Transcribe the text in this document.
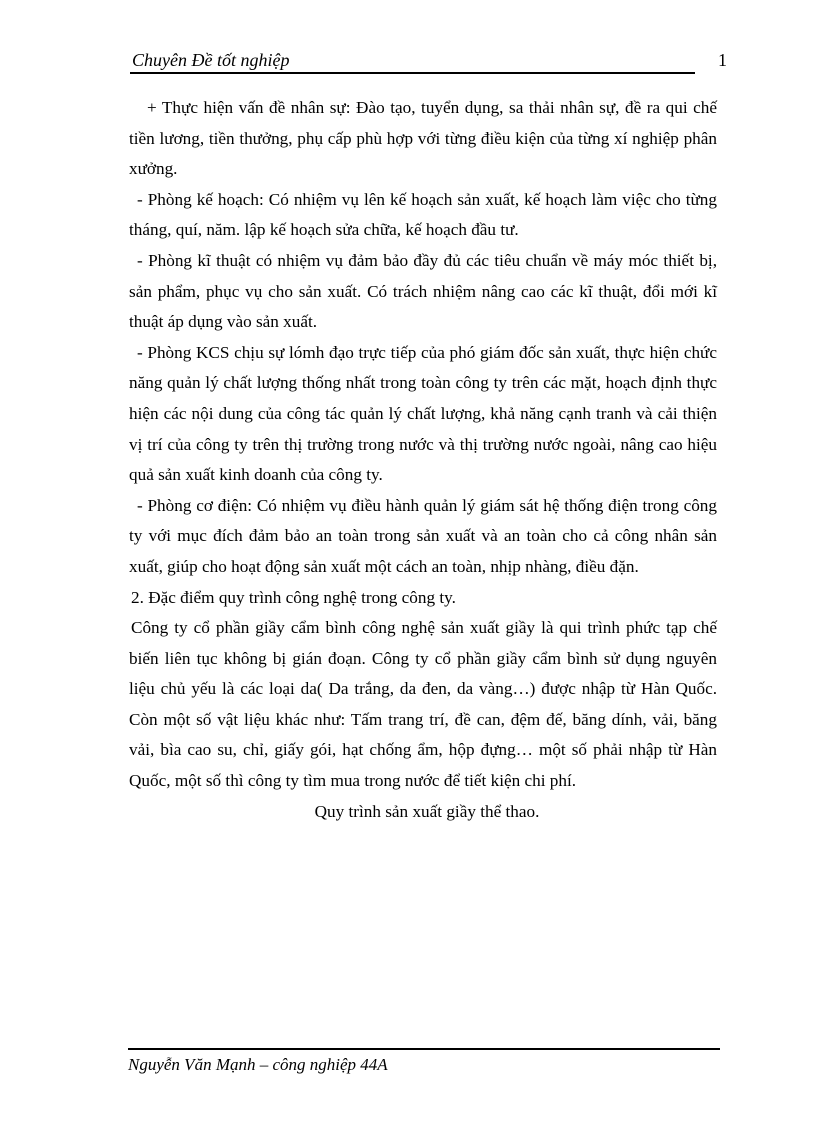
Chuyên Đề tốt nghiệp	1

+ Thực hiện vấn đề nhân sự: Đào tạo, tuyển dụng, sa thải nhân sự, đề ra qui chế tiền lương, tiền thưởng, phụ cấp phù hợp với từng điều kiện của từng xí nghiệp phân xưởng.

- Phòng kế hoạch: Có nhiệm vụ lên kế hoạch sản xuất, kế hoạch làm việc cho từng tháng, quí, năm. lập kế hoạch sửa chữa, kế hoạch đầu tư.

- Phòng kĩ thuật có nhiệm vụ đảm bảo đầy đủ các tiêu chuẩn về máy móc thiết bị, sản phẩm, phục vụ cho sản xuất. Có trách nhiệm nâng cao các kĩ thuật, đổi mới kĩ thuật áp dụng vào sản xuất.

- Phòng KCS chịu sự lómh đạo trực tiếp của phó giám đốc sản xuất, thực hiện chức năng quản lý chất lượng thống nhất trong toàn công ty trên các mặt, hoạch định thực hiện các nội dung của công tác quản lý chất lượng, khả năng cạnh tranh và cải thiện vị trí của công ty trên thị trường trong nước và thị trường nước ngoài, nâng cao hiệu quả sản xuất kinh doanh của công ty.

- Phòng cơ điện: Có nhiệm vụ điều hành quản lý giám sát hệ thống điện trong công ty với mục đích đảm bảo an toàn trong sản xuất và an toàn cho cả công nhân sản xuất, giúp cho hoạt động sản xuất một cách an toàn, nhịp nhàng, điều đặn.

2. Đặc điểm quy trình công nghệ trong công ty.

Công ty cổ phần giầy cẩm bình công nghệ sản xuất giầy là qui trình phức tạp chế biến liên tục không bị gián đoạn. Công ty cổ phần giầy cẩm bình sử dụng nguyên liệu chủ yếu là các loại da( Da trắng, da đen, da vàng…) được nhập từ Hàn Quốc. Còn một số vật liệu khác như: Tấm trang trí, đề can, đệm đế, băng dính, vải, băng vải, bìa cao su, chỉ, giấy gói, hạt chống ẩm, hộp đựng… một số phải nhập từ Hàn Quốc, một số thì công ty tìm mua trong nước để tiết kiện chi phí.

Quy trình sản xuất giầy thể thao.

Nguyễn Văn Mạnh – công nghiệp 44A
